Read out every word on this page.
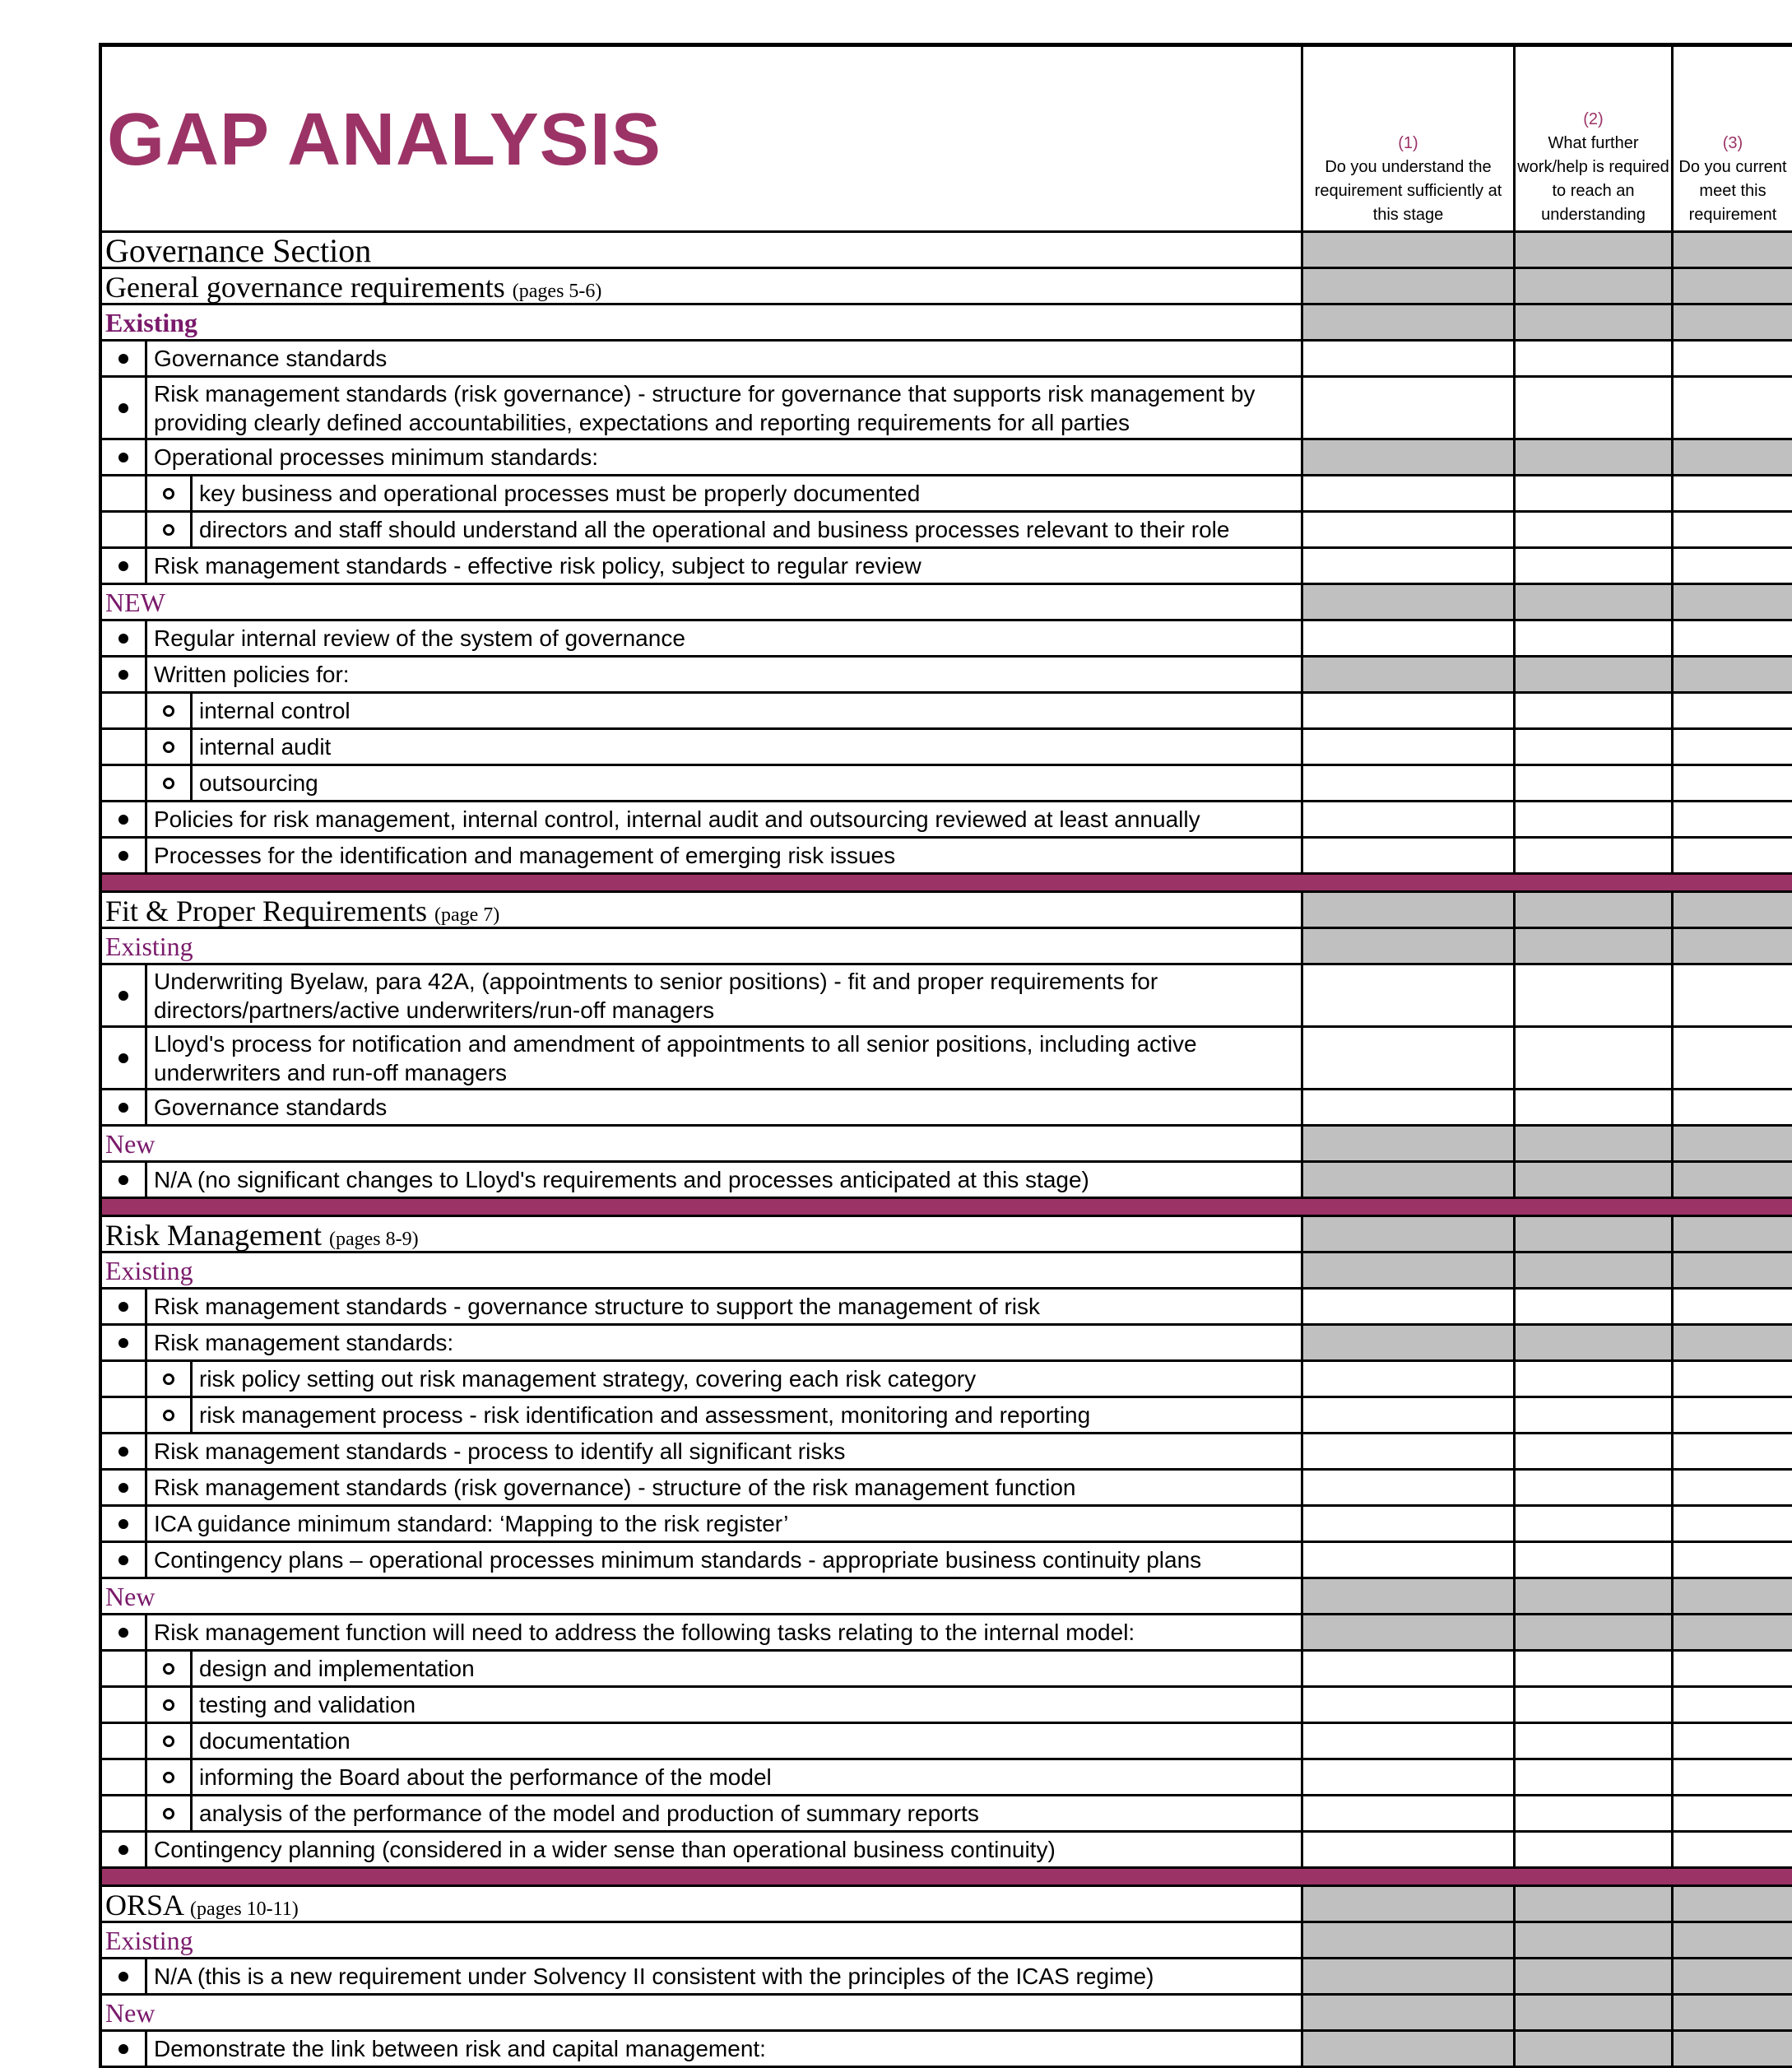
GAP ANALYSIS	(1)
Do you understand the requirement sufficiently at this stage
(2)
What further work/help is required to reach an understanding
(3)
Do you current meet this requirement
Governance Section
General governance requirements (pages 5-6)
Existing
Governance standards
Risk management standards (risk governance) - structure for governance that supports risk management by providing clearly defined accountabilities, expectations and reporting requirements for all parties
Operational processes minimum standards:
key business and operational processes must be properly documented
directors and staff should understand all the operational and business processes relevant to their role
Risk management standards - effective risk policy, subject to regular review
NEW
Regular internal review of the system of governance
Written policies for:
internal control
internal audit
outsourcing
Policies for risk management, internal control, internal audit and outsourcing reviewed at least annually
Processes for the identification and management of emerging risk issues
Fit & Proper Requirements (page 7)
Existing
Underwriting Byelaw, para 42A, (appointments to senior positions) - fit and proper requirements for directors/partners/active underwriters/run-off managers
Lloyd's process for notification and amendment of appointments to all senior positions, including active underwriters and run-off managers
Governance standards
New
N/A (no significant changes to Lloyd's requirements and processes anticipated at this stage)
Risk Management (pages 8-9)
Existing
Risk management standards - governance structure to support the management of risk
Risk management standards:
risk policy setting out risk management strategy, covering each risk category
risk management process - risk identification and assessment, monitoring and reporting
Risk management standards - process to identify all significant risks
Risk management standards (risk governance) - structure of the risk management function
ICA guidance minimum standard: ‘Mapping to the risk register’
Contingency plans – operational processes minimum standards - appropriate business continuity plans
New
Risk management function will need to address the following tasks relating to the internal model:
design and implementation
testing and validation
documentation
informing the Board about the performance of the model
analysis of the performance of the model and production of summary reports
Contingency planning (considered in a wider sense than operational business continuity)
ORSA (pages 10-11)
Existing
N/A (this is a new requirement under Solvency II consistent with the principles of the ICAS regime)
New
Demonstrate the link between risk and capital management:
